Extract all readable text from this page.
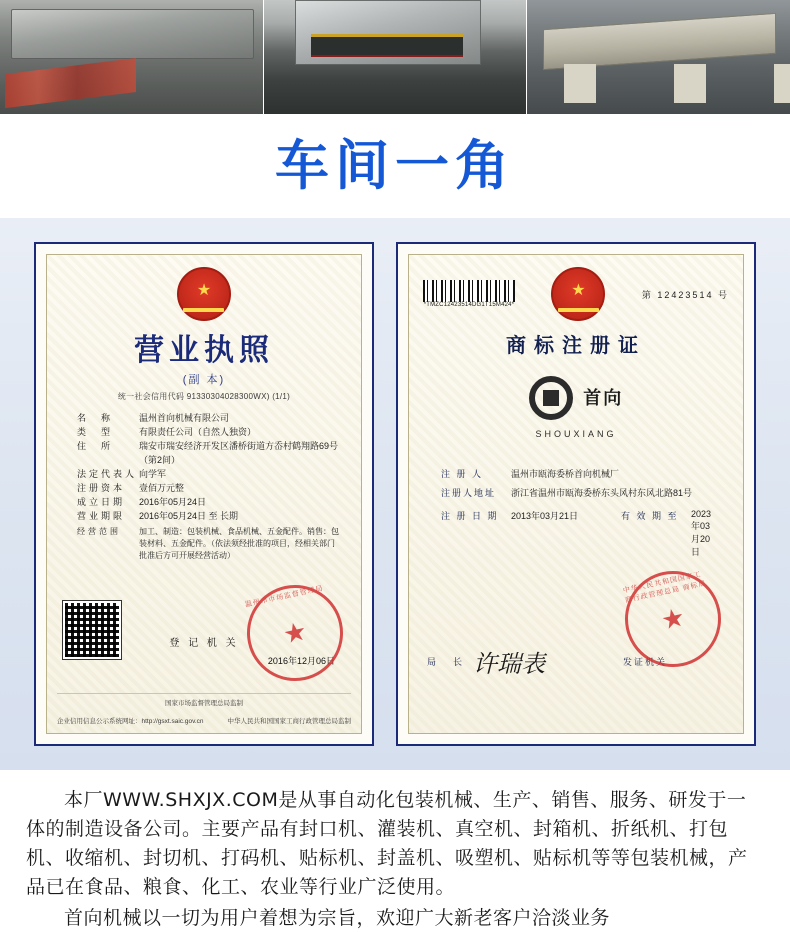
车间一角
★
营业执照
(副 本)
统一社会信用代码 91330304028300WX) (1/1)
名　称	温州首向机械有限公司
类　型	有限责任公司（自然人独资）
住　所	瑞安市瑞安经济开发区潘桥街道方岙村鹤翔路69号（第2间）
法定代表人 向学军
注册资本	壹佰万元整
成立日期	2016年05月24日
营业期限	2016年05月24日 至 长期
经营范围	加工、制造：包装机械、食品机械、五金配件。销售：包装材料、五金配件。（依法须经批准的项目，经相关部门批准后方可开展经营活动）
登 记 机 关
2016年12月06日
★
温州市市场监督管理局
国家市场监督管理总局监制
企业信用信息公示系统网址：http://gsxt.saic.gov.cn	中华人民共和国国家工商行政管理总局监制
*TMZC12423514DG1T15M424*
★	第 12423514 号
商标注册证
首向
SHOUXIANG
注 册 人	温州市瓯海委桥首向机械厂
注册人地址	浙江省温州市瓯海委桥东头风村东风北路81号
注 册 日 期	2013年03月21日	有 效 期 至	2023年03月20日
局　长 许瑞表	发证机关
★
中华人民共和国国家工商行政管理总局 商标局

本厂WWW.SHXJX.COM是从事自动化包装机械、生产、销售、服务、研发于一体的制造设备公司。主要产品有封口机、灌装机、真空机、封箱机、折纸机、打包机、收缩机、封切机、打码机、贴标机、封盖机、吸塑机、贴标机等等包装机械，产品已在食品、粮食、化工、农业等行业广泛使用。

首向机械以一切为用户着想为宗旨，欢迎广大新老客户洽淡业务
